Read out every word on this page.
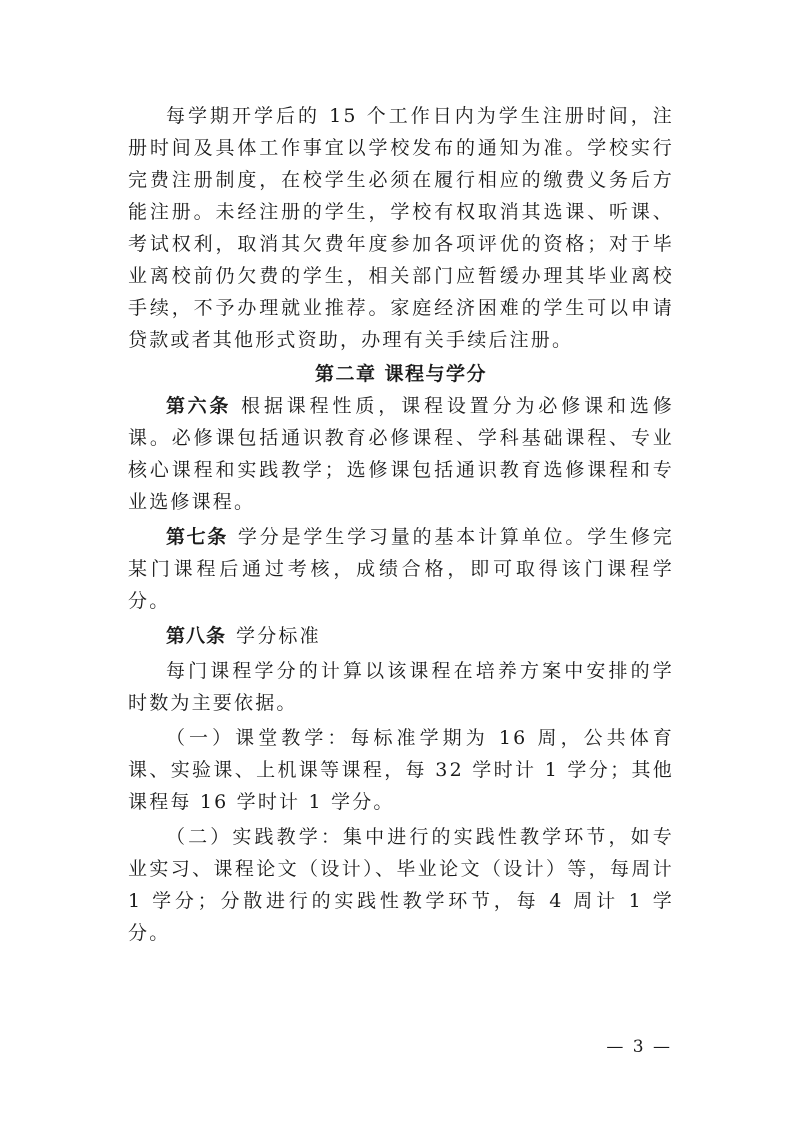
每学期开学后的 15 个工作日内为学生注册时间，注册时间及具体工作事宜以学校发布的通知为准。学校实行完费注册制度，在校学生必须在履行相应的缴费义务后方能注册。未经注册的学生，学校有权取消其选课、听课、考试权利，取消其欠费年度参加各项评优的资格；对于毕业离校前仍欠费的学生，相关部门应暂缓办理其毕业离校手续，不予办理就业推荐。家庭经济困难的学生可以申请贷款或者其他形式资助，办理有关手续后注册。

第二章 课程与学分

第六条 根据课程性质，课程设置分为必修课和选修课。必修课包括通识教育必修课程、学科基础课程、专业核心课程和实践教学；选修课包括通识教育选修课程和专业选修课程。

第七条 学分是学生学习量的基本计算单位。学生修完某门课程后通过考核，成绩合格，即可取得该门课程学分。

第八条 学分标准

每门课程学分的计算以该课程在培养方案中安排的学时数为主要依据。

（一）课堂教学：每标准学期为 16 周，公共体育课、实验课、上机课等课程，每 32 学时计 1 学分；其他课程每 16 学时计 1 学分。

（二）实践教学：集中进行的实践性教学环节，如专业实习、课程论文（设计）、毕业论文（设计）等，每周计 1 学分；分散进行的实践性教学环节，每 4 周计 1 学分。

— 3 —
